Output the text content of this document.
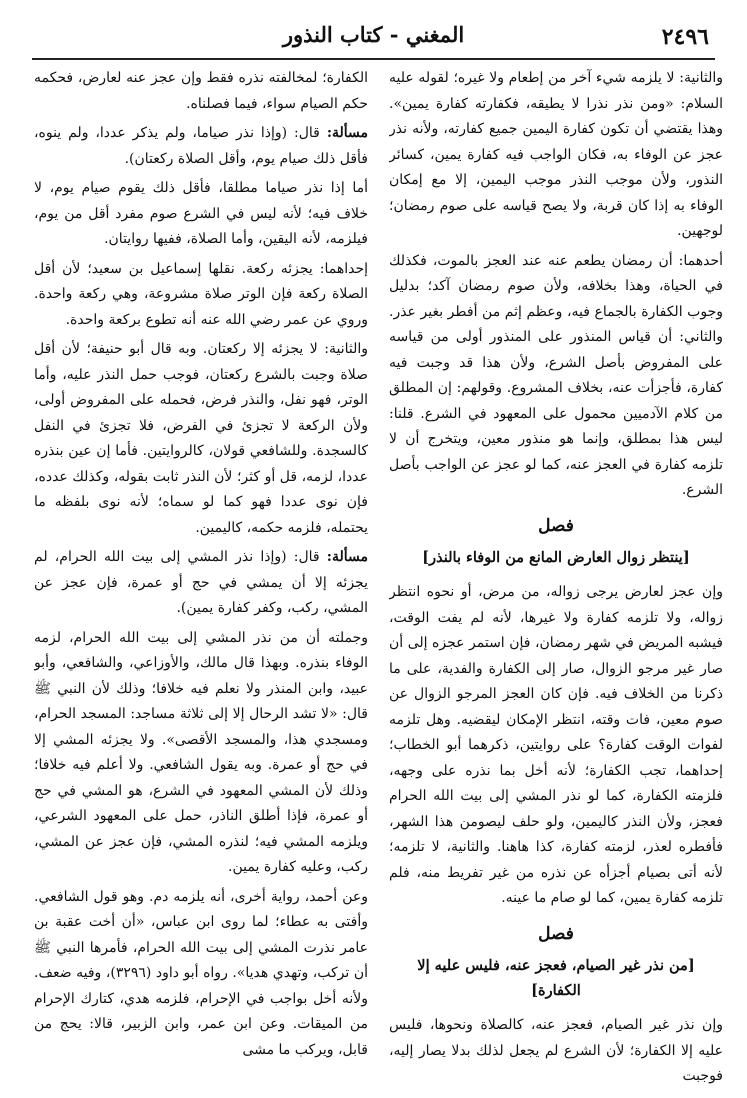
٢٤٩٦
المغني - كتاب النذور

والثانية: لا يلزمه شيء آخر من إطعام ولا غيره؛ لقوله عليه السلام: «ومن نذر نذرا لا يطيقه، فكفارته كفارة يمين». وهذا يقتضي أن تكون كفارة اليمين جميع كفارته، ولأنه نذر عجز عن الوفاء به، فكان الواجب فيه كفارة يمين، كسائر النذور، ولأن موجب النذر موجب اليمين، إلا مع إمكان الوفاء به إذا كان قربة، ولا يصح قياسه على صوم رمضان؛ لوجهين.

أحدهما: أن رمضان يطعم عنه عند العجز بالموت، فكذلك في الحياة، وهذا بخلافه، ولأن صوم رمضان آكد؛ بدليل وجوب الكفارة بالجماع فيه، وعظم إثم من أفطر بغير عذر. والثاني: أن قياس المنذور على المنذور أولى من قياسه على المفروض بأصل الشرع، ولأن هذا قد وجبت فيه كفارة، فأجزأت عنه، بخلاف المشروع. وقولهم: إن المطلق من كلام الآدميين محمول على المعهود في الشرع. قلنا: ليس هذا بمطلق، وإنما هو منذور معين، ويتخرج أن لا تلزمه كفارة في العجز عنه، كما لو عجز عن الواجب بأصل الشرع.

فصل
[ينتظر زوال العارض المانع من الوفاء بالنذر]

وإن عجز لعارض يرجى زواله، من مرض، أو نحوه انتظر زواله، ولا تلزمه كفارة ولا غيرها، لأنه لم يفت الوقت، فيشبه المريض في شهر رمضان، فإن استمر عجزه إلى أن صار غير مرجو الزوال، صار إلى الكفارة والفدية، على ما ذكرنا من الخلاف فيه. فإن كان العجز المرجو الزوال عن صوم معين، فات وقته، انتظر الإمكان ليقضيه. وهل تلزمه لفوات الوقت كفارة؟ على روايتين، ذكرهما أبو الخطاب؛ إحداهما، تجب الكفارة؛ لأنه أخل بما نذره على وجهه، فلزمته الكفارة، كما لو نذر المشي إلى بيت الله الحرام فعجز، ولأن النذر كاليمين، ولو حلف ليصومن هذا الشهر، فأفطره لعذر، لزمته كفارة، كذا هاهنا. والثانية، لا تلزمه؛ لأنه أتى بصيام أجزأه عن نذره من غير تفريط منه، فلم تلزمه كفارة يمين، كما لو صام ما عينه.

فصل
[من نذر غير الصيام، فعجز عنه، فليس عليه إلا الكفارة]

وإن نذر غير الصيام، فعجز عنه، كالصلاة ونحوها، فليس عليه إلا الكفارة؛ لأن الشرع لم يجعل لذلك بدلا يصار إليه، فوجبت

الكفارة؛ لمخالفته نذره فقط وإن عجز عنه لعارض، فحكمه حكم الصيام سواء، فيما فصلناه.

مسألة: قال: (وإذا نذر صياما، ولم يذكر عددا، ولم ينوه، فأقل ذلك صيام يوم، وأقل الصلاة ركعتان).

أما إذا نذر صياما مطلقا، فأقل ذلك يقوم صيام يوم، لا خلاف فيه؛ لأنه ليس في الشرع صوم مفرد أقل من يوم، فيلزمه، لأنه اليقين، وأما الصلاة، ففيها روايتان.

إحداهما: يجزئه ركعة. نقلها إسماعيل بن سعيد؛ لأن أقل الصلاة ركعة فإن الوتر صلاة مشروعة، وهي ركعة واحدة. وروي عن عمر رضي الله عنه أنه تطوع بركعة واحدة.

والثانية: لا يجزئه إلا ركعتان. وبه قال أبو حنيفة؛ لأن أقل صلاة وجبت بالشرع ركعتان، فوجب حمل النذر عليه، وأما الوتر، فهو نفل، والنذر فرض، فحمله على المفروض أولى، ولأن الركعة لا تجزئ في الفرض، فلا تجزئ في النفل كالسجدة. وللشافعي قولان، كالروايتين. فأما إن عين بنذره عددا، لزمه، قل أو كثر؛ لأن النذر ثابت بقوله، وكذلك عدده، فإن نوى عددا فهو كما لو سماه؛ لأنه نوى بلفظه ما يحتمله، فلزمه حكمه، كاليمين.

مسألة: قال: (وإذا نذر المشي إلى بيت الله الحرام، لم يجزئه إلا أن يمشي في حج أو عمرة، فإن عجز عن المشي، ركب، وكفر كفارة يمين).

وجملته أن من نذر المشي إلى بيت الله الحرام، لزمه الوفاء بنذره. وبهذا قال مالك، والأوزاعي، والشافعي، وأبو عبيد، وابن المنذر ولا نعلم فيه خلافا؛ وذلك لأن النبي ﷺ قال: «لا تشد الرحال إلا إلى ثلاثة مساجد: المسجد الحرام، ومسجدي هذا، والمسجد الأقصى». ولا يجزئه المشي إلا في حج أو عمرة. وبه يقول الشافعي. ولا أعلم فيه خلافا؛ وذلك لأن المشي المعهود في الشرع، هو المشي في حج أو عمرة، فإذا أطلق الناذر، حمل على المعهود الشرعي، ويلزمه المشي فيه؛ لنذره المشي، فإن عجز عن المشي، ركب، وعليه كفارة يمين.

وعن أحمد، رواية أخرى، أنه يلزمه دم. وهو قول الشافعي. وأفتى به عطاء؛ لما روى ابن عباس، «أن أخت عقبة بن عامر نذرت المشي إلى بيت الله الحرام، فأمرها النبي ﷺ أن تركب، وتهدي هديا». رواه أبو داود (٣٢٩٦)، وفيه ضعف. ولأنه أخل بواجب في الإحرام، فلزمه هدي، كتارك الإحرام من الميقات. وعن ابن عمر، وابن الزبير، قالا: يحج من قابل، ويركب ما مشى
